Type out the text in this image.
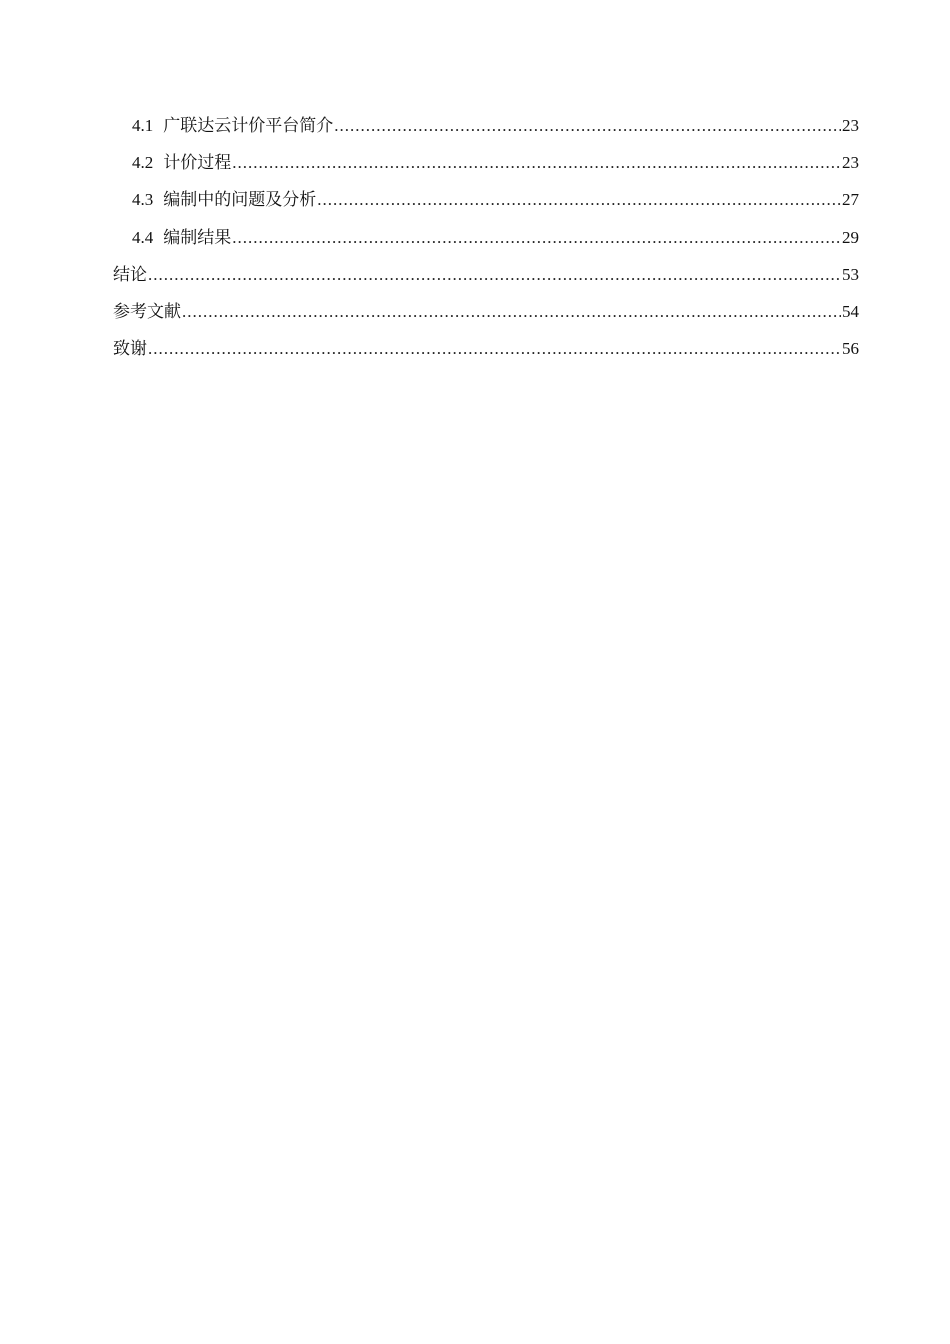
4.1 广联达云计价平台简介 .....	23
4.2 计价过程 .....	23
4.3 编制中的问题及分析 .....	27
4.4 编制结果 .....	29
结论 .....	53
参考文献 .....	54
致谢 .....	56
